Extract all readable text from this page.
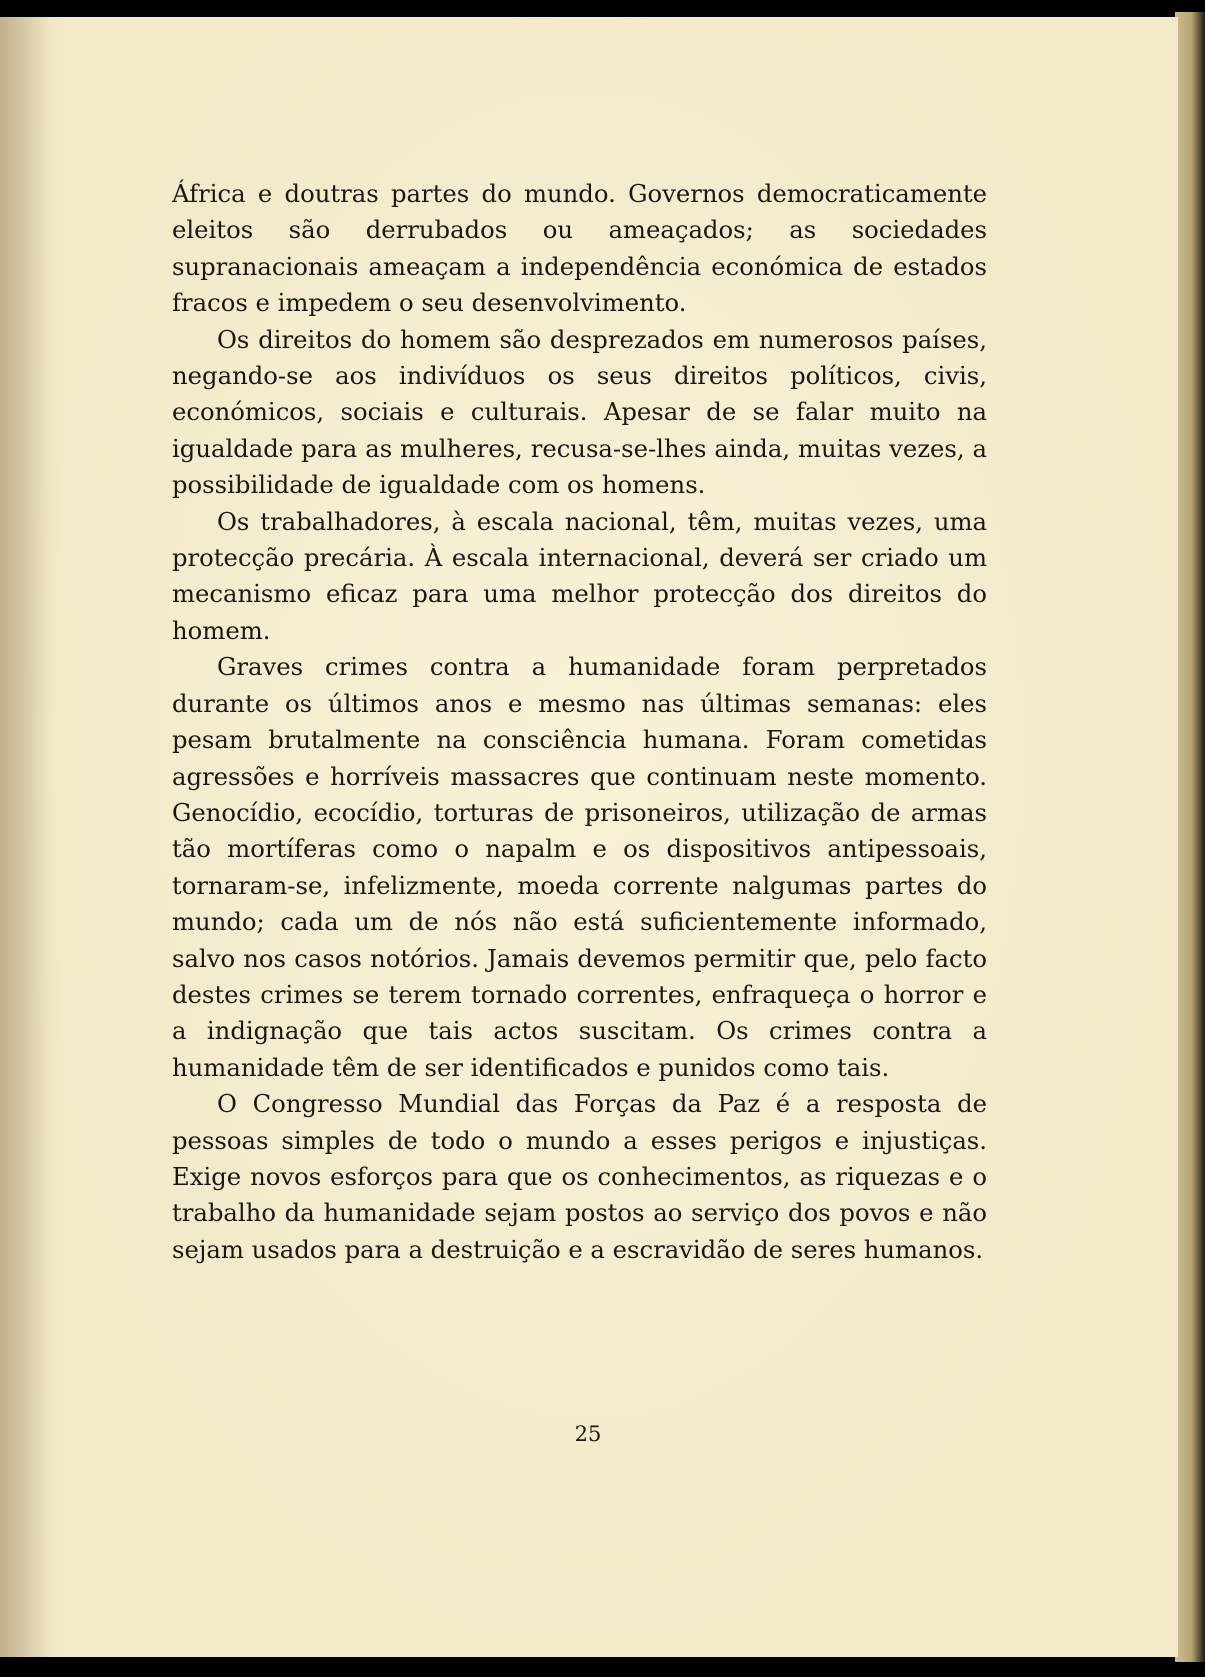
África e doutras partes do mundo. Governos democraticamente eleitos são derrubados ou ameaçados; as sociedades supranacionais ameaçam a independência económica de estados fracos e impedem o seu desenvolvimento.

Os direitos do homem são desprezados em numerosos países, negando-se aos indivíduos os seus direitos políticos, civis, económicos, sociais e culturais. Apesar de se falar muito na igualdade para as mulheres, recusa-se-lhes ainda, muitas vezes, a possibilidade de igualdade com os homens.

Os trabalhadores, à escala nacional, têm, muitas vezes, uma protecção precária. À escala internacional, deverá ser criado um mecanismo eficaz para uma melhor protecção dos direitos do homem.

Graves crimes contra a humanidade foram perpretados durante os últimos anos e mesmo nas últimas semanas: eles pesam brutalmente na consciência humana. Foram cometidas agressões e horríveis massacres que continuam neste momento. Genocídio, ecocídio, torturas de prisoneiros, utilização de armas tão mortíferas como o napalm e os dispositivos antipessoais, tornaram-se, infelizmente, moeda corrente nalgumas partes do mundo; cada um de nós não está suficientemente informado, salvo nos casos notórios. Jamais devemos permitir que, pelo facto destes crimes se terem tornado correntes, enfraqueça o horror e a indignação que tais actos suscitam. Os crimes contra a humanidade têm de ser identificados e punidos como tais.

O Congresso Mundial das Forças da Paz é a resposta de pessoas simples de todo o mundo a esses perigos e injustiças. Exige novos esforços para que os conhecimentos, as riquezas e o trabalho da humanidade sejam postos ao serviço dos povos e não sejam usados para a destruição e a escravidão de seres humanos.

25
